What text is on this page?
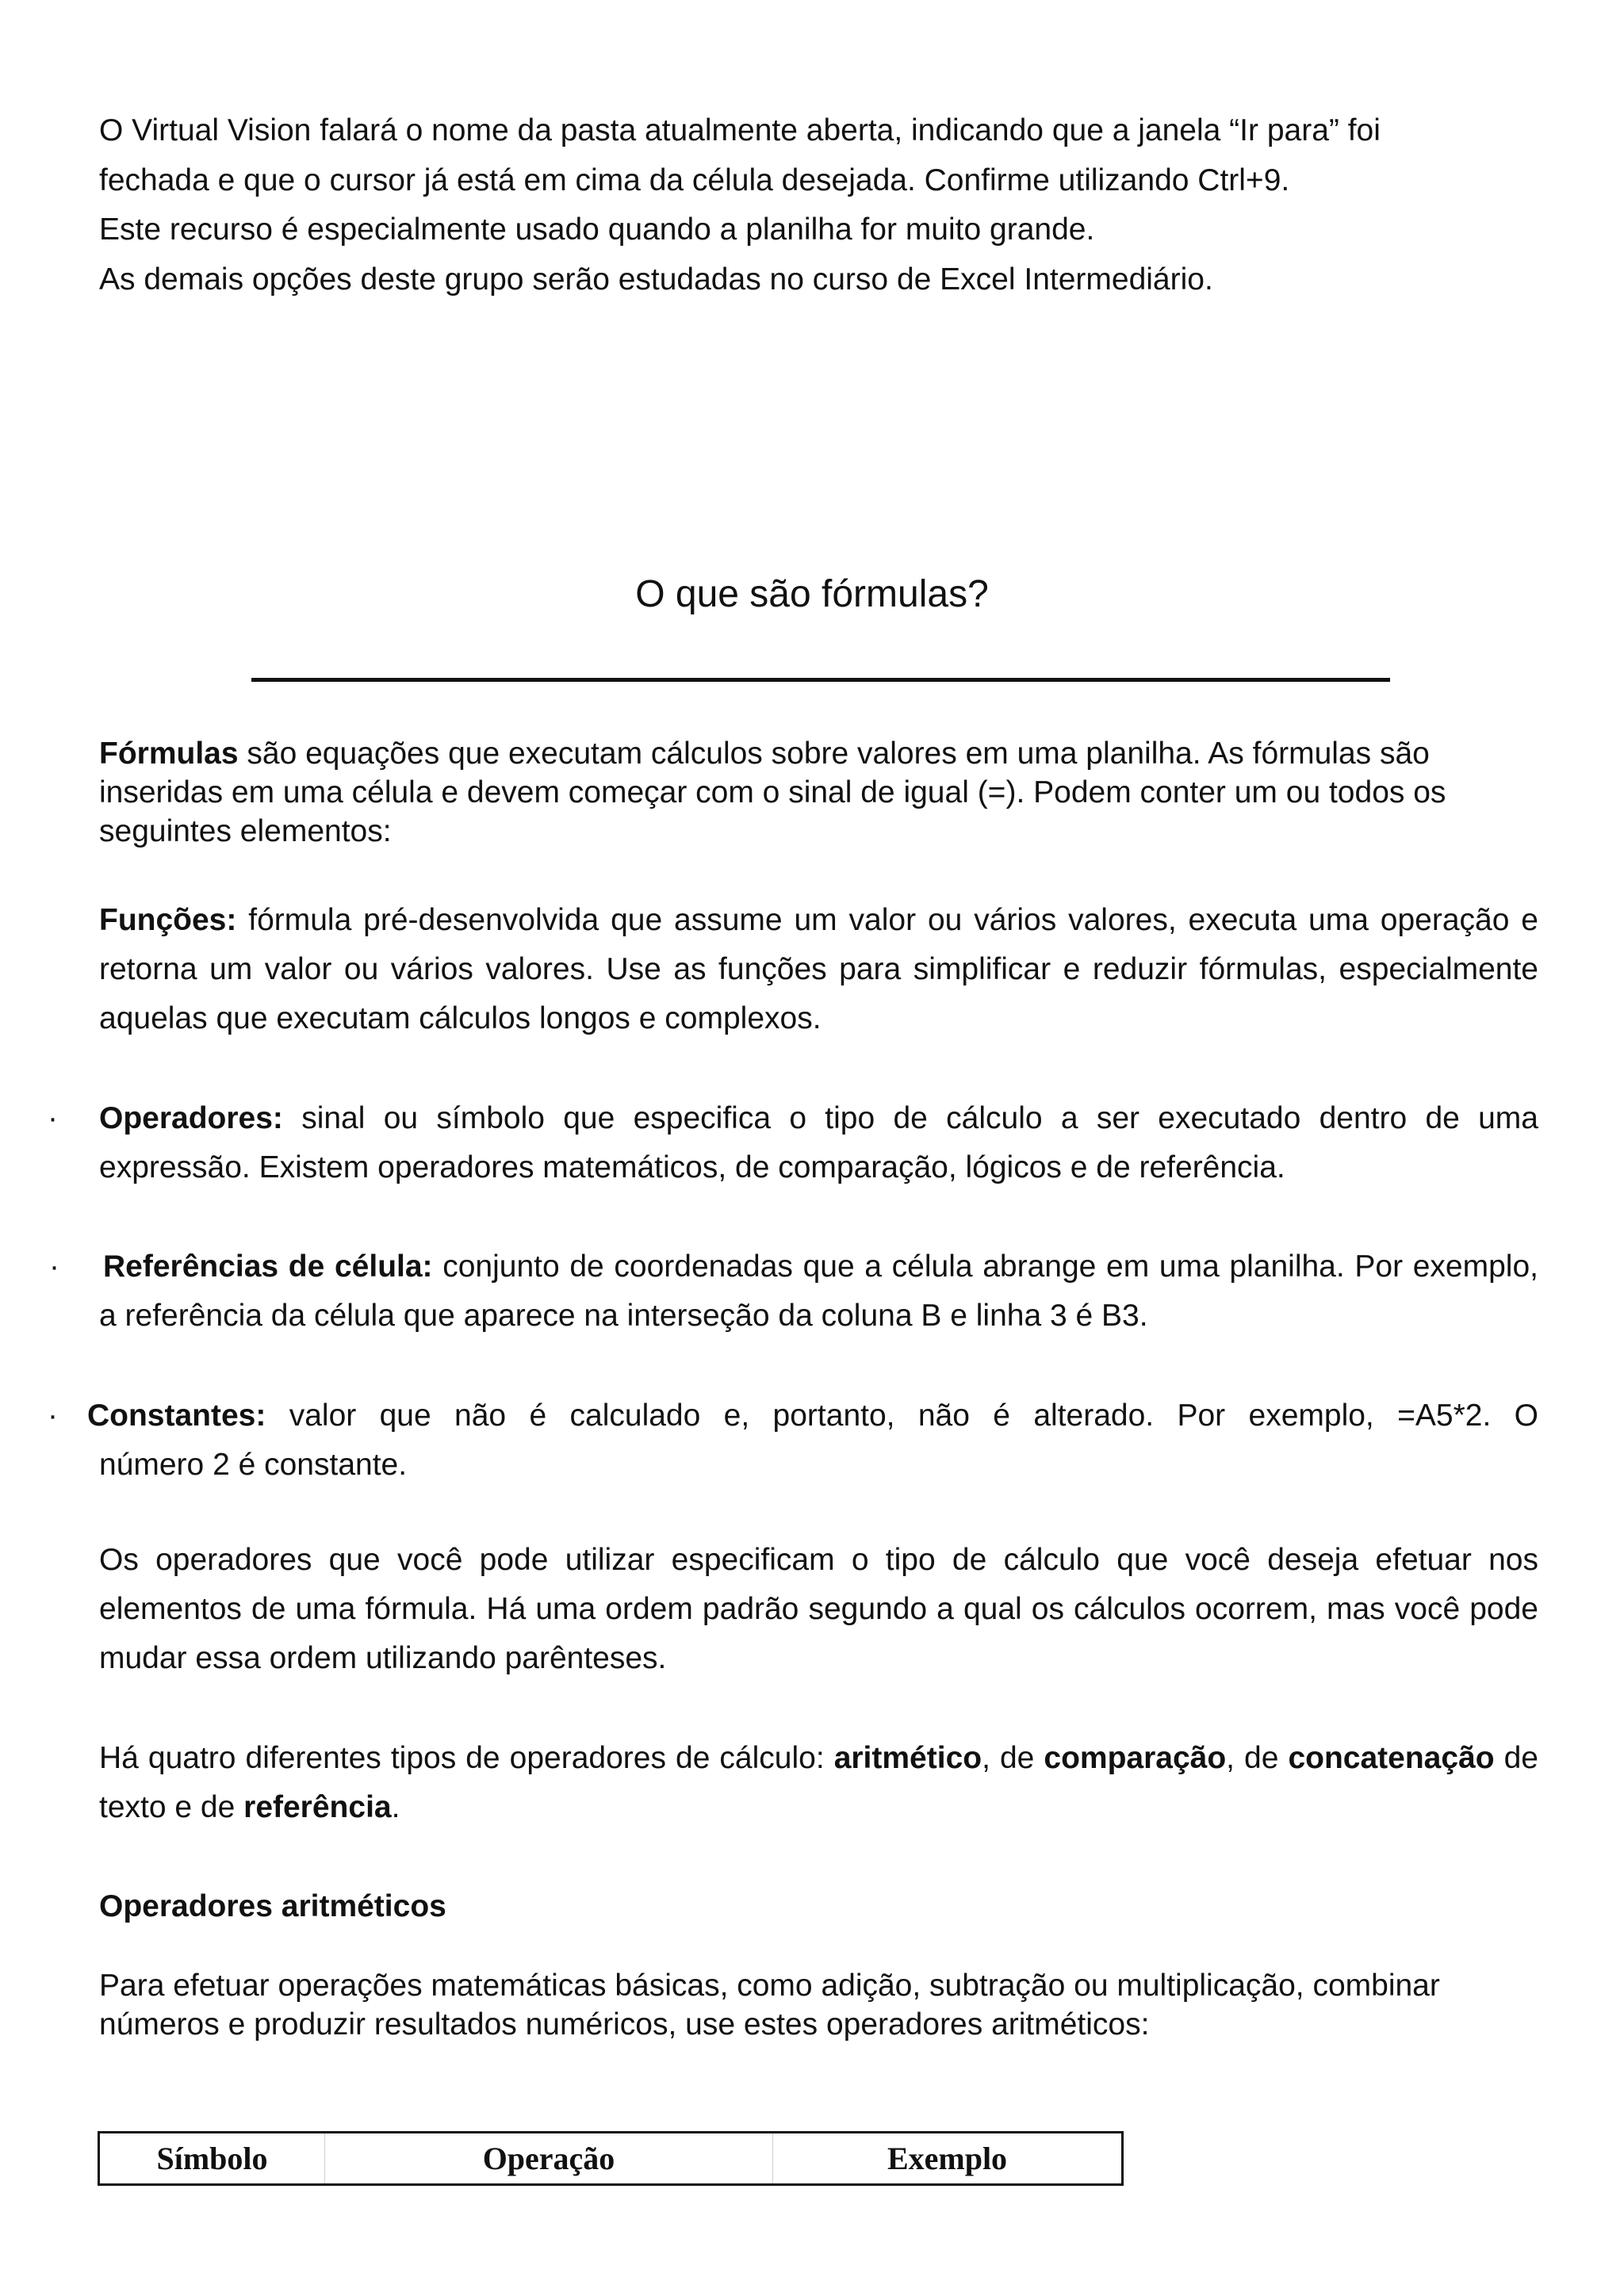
O Virtual Vision falará o nome da pasta atualmente aberta, indicando que a janela “Ir para” foi

fechada e que o cursor já está em cima da célula desejada. Confirme utilizando Ctrl+9.

Este recurso é especialmente usado quando a planilha for muito grande.

As demais opções deste grupo serão estudadas no curso de Excel Intermediário.

O que são fórmulas?

Fórmulas são equações que executam cálculos sobre valores em uma planilha. As fórmulas são inseridas em uma célula e devem começar com o sinal de igual (=). Podem conter um ou todos os seguintes elementos:

Funções: fórmula pré-desenvolvida que assume um valor ou vários valores, executa uma operação e retorna um valor ou vários valores. Use as funções para simplificar e reduzir fórmulas, especialmente aquelas que executam cálculos longos e complexos.

· Operadores: sinal ou símbolo que especifica o tipo de cálculo a ser executado dentro de uma expressão. Existem operadores matemáticos, de comparação, lógicos e de referência.

· Referências de célula: conjunto de coordenadas que a célula abrange em uma planilha. Por exemplo, a referência da célula que aparece na interseção da coluna B e linha 3 é B3.

· Constantes: valor que não é calculado e, portanto, não é alterado. Por exemplo, =A5*2. O

número 2 é constante.

Os operadores que você pode utilizar especificam o tipo de cálculo que você deseja efetuar nos elementos de uma fórmula. Há uma ordem padrão segundo a qual os cálculos ocorrem, mas você pode mudar essa ordem utilizando parênteses.

Há quatro diferentes tipos de operadores de cálculo: aritmético, de comparação, de concatenação de texto e de referência.

Operadores aritméticos

Para efetuar operações matemáticas básicas, como adição, subtração ou multiplicação, combinar números e produzir resultados numéricos, use estes operadores aritméticos:

Símbolo	Operação	Exemplo
